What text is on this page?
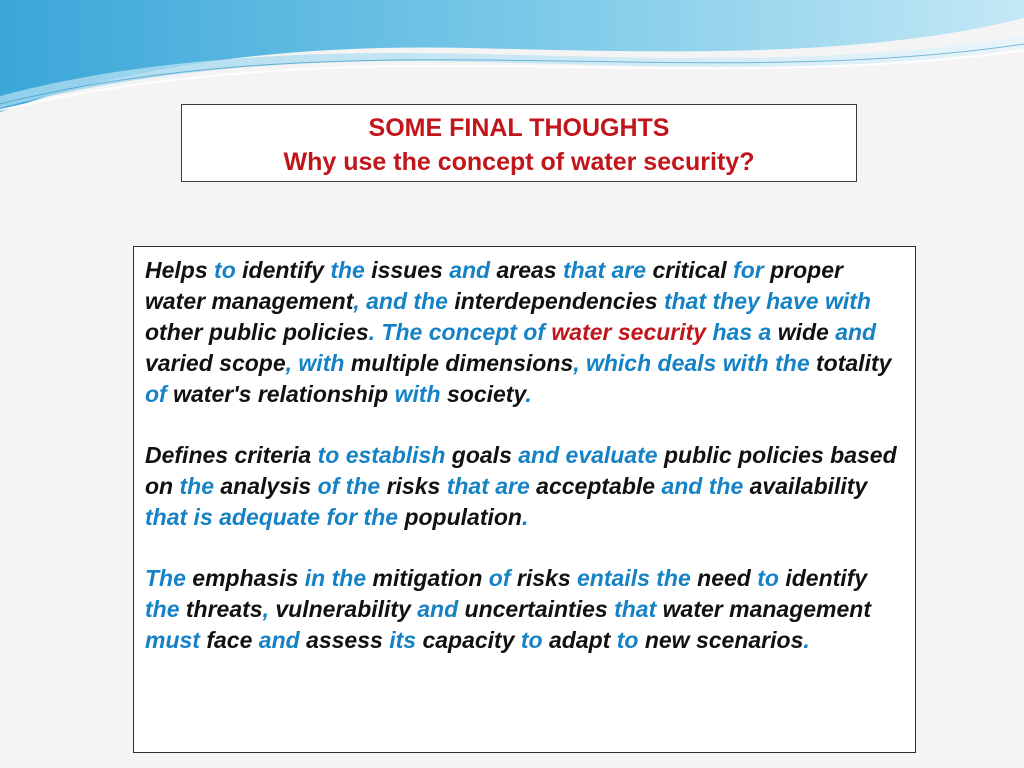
SOME FINAL THOUGHTS
Why use the concept of water security?

Helps to identify the issues and areas that are critical for proper water management, and the interdependencies that they have with other public policies. The concept of water security has a wide and varied scope, with multiple dimensions, which deals with the totality of water's relationship with society.

Defines criteria to establish goals and evaluate public policies based on the analysis of the risks that are acceptable and the availability that is adequate for the population.

The emphasis in the mitigation of risks entails the need to identify the threats, vulnerability and uncertainties that water management must face and assess its capacity to adapt to new scenarios.
